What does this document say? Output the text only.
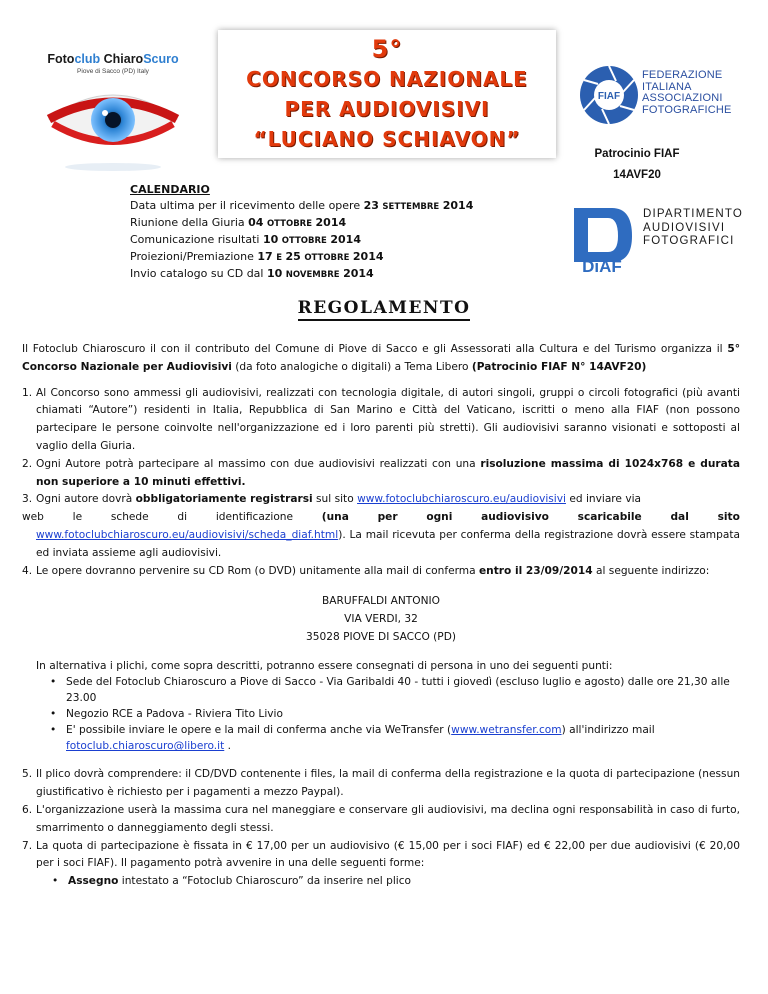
Fotoclub ChiaroScuro
Piove di Sacco (PD) Italy
5°
CONCORSO NAZIONALE
PER AUDIOVISIVI
“LUCIANO SCHIAVON”
FIAF
FEDERAZIONE
ITALIANA
ASSOCIAZIONI
FOTOGRAFICHE
Patrocinio FIAF
14AVF20
DiAF
DIPARTIMENTO
AUDIOVISIVI
FOTOGRAFICI
CALENDARIO
Data ultima per il ricevimento delle opere 23 SETTEMBRE 2014
Riunione della Giuria 04 OTTOBRE 2014
Comunicazione risultati 10 OTTOBRE 2014
Proiezioni/Premiazione 17 E 25 OTTOBRE 2014
Invio catalogo su CD dal 10 NOVEMBRE 2014
REGOLAMENTO

Il Fotoclub Chiaroscuro il con il contributo del Comune di Piove di Sacco e gli Assessorati alla Cultura e del Turismo organizza il 5° Concorso Nazionale per Audiovisivi (da foto analogiche o digitali) a Tema Libero (Patrocinio FIAF N° 14AVF20)

1. Al Concorso sono ammessi gli audiovisivi, realizzati con tecnologia digitale, di autori singoli, gruppi o circoli fotografici (più avanti chiamati “Autore”) residenti in Italia, Repubblica di San Marino e Città del Vaticano, iscritti o meno alla FIAF (non possono partecipare le persone coinvolte nell'organizzazione ed i loro parenti più stretti). Gli audiovisivi saranno visionati e sottoposti al vaglio della Giuria.
2. Ogni Autore potrà partecipare al massimo con due audiovisivi realizzati con una risoluzione massima di 1024x768 e durata non superiore a 10 minuti effettivi.
3. Ogni autore dovrà obbligatoriamente registrarsi sul sito www.fotoclubchiaroscuro.eu/audiovisivi ed inviare via
web	le	schede	di	identificazione	(una	per	ogni	audiovisivo	scaricabile	dal	sito
www.fotoclubchiaroscuro.eu/audiovisivi/scheda_diaf.html). La mail ricevuta per conferma della registrazione dovrà essere stampata ed inviata assieme agli audiovisivi.
4. Le opere dovranno pervenire su CD Rom (o DVD) unitamente alla mail di conferma entro il 23/09/2014 al seguente indirizzo:
BARUFFALDI ANTONIO
VIA VERDI, 32
35028 PIOVE DI SACCO (PD)
In alternativa i plichi, come sopra descritti, potranno essere consegnati di persona in uno dei seguenti punti:
• Sede del Fotoclub Chiaroscuro a Piove di Sacco - Via Garibaldi 40 - tutti i giovedì (escluso luglio e agosto) dalle ore 21,30 alle 23.00
• Negozio RCE a Padova - Riviera Tito Livio
• E' possibile inviare le opere e la mail di conferma anche via WeTransfer (www.wetransfer.com) all'indirizzo mail fotoclub.chiaroscuro@libero.it .
5. Il plico dovrà comprendere: il CD/DVD contenente i files, la mail di conferma della registrazione e la quota di partecipazione (nessun giustificativo è richiesto per i pagamenti a mezzo Paypal).
6. L'organizzazione userà la massima cura nel maneggiare e conservare gli audiovisivi, ma declina ogni responsabilità in caso di furto, smarrimento o danneggiamento degli stessi.
7. La quota di partecipazione è fissata in € 17,00 per un audiovisivo (€ 15,00 per i soci FIAF) ed € 22,00 per due audiovisivi (€ 20,00 per i soci FIAF). Il pagamento potrà avvenire in una delle seguenti forme:
• Assegno intestato a “Fotoclub Chiaroscuro” da inserire nel plico
